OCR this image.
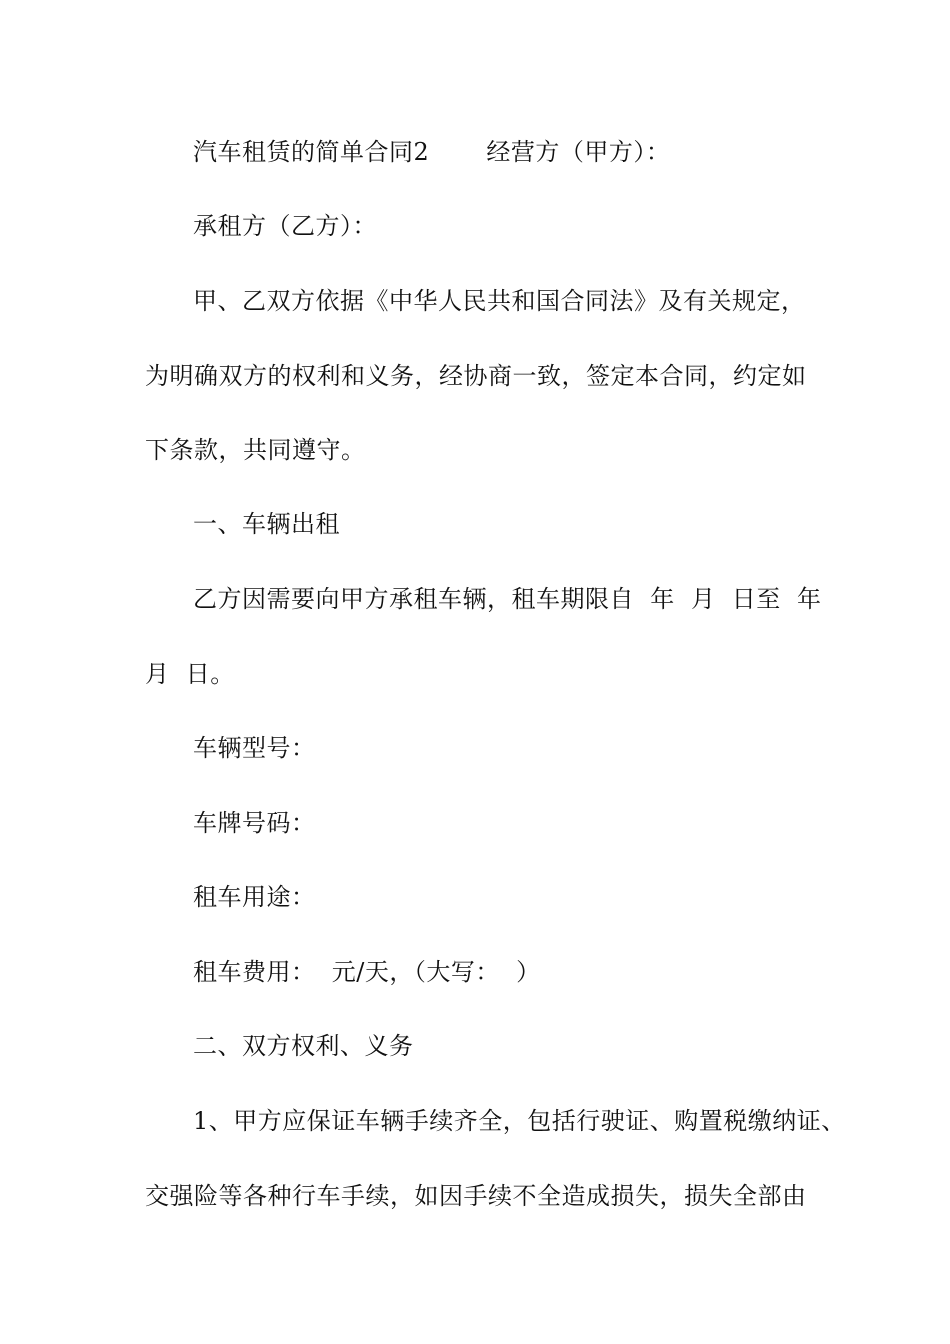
汽车租赁的简单合同2　　 经营方（甲方）：
承租方（乙方）：
甲、乙双方依据《中华人民共和国合同法》及有关规定，
为明确双方的权利和义务，经协商一致，签定本合同，约定如
下条款，共同遵守。
一、车辆出租
乙方因需要向甲方承租车辆，租车期限自  年  月  日至  年
月  日。
车辆型号：
车牌号码：
租车用途：
租车费用：  元/天，（大写：  ）
二、双方权利、义务
1、甲方应保证车辆手续齐全，包括行驶证、购置税缴纳证、
交强险等各种行车手续，如因手续不全造成损失，损失全部由
